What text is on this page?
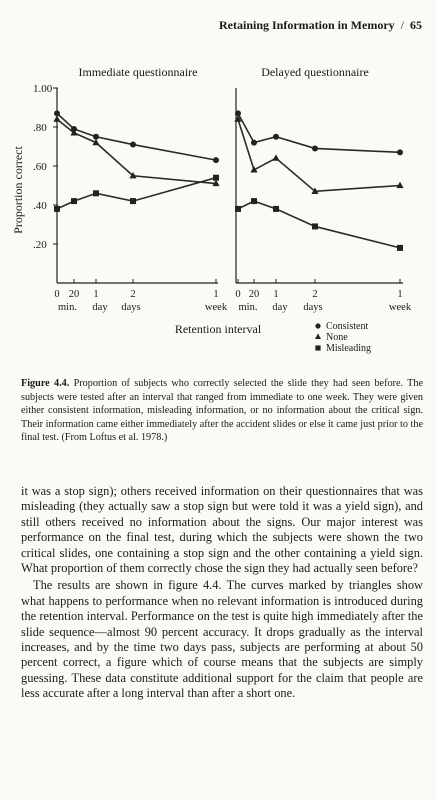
Retaining Information in Memory / 65
Proportion correct
1.00
.80
.60
.40
.20
Immediate questionnaire
0 20 1	2	1
min. day days	week
Delayed questionnaire
0 20 1	2	1
min. day days	week
Retention interval	Consistent
None
Misleading
Figure 4.4. Proportion of subjects who correctly selected the slide they had seen before. The subjects were tested after an interval that ranged from immediate to one week. They were given either consistent information, misleading information, or no information about the critical sign. Their information came either immediately after the accident slides or else it came just prior to the final test. (From Loftus et al. 1978.)

it was a stop sign); others received information on their questionnaires that was misleading (they actually saw a stop sign but were told it was a yield sign), and still others received no information about the signs. Our major interest was performance on the final test, during which the subjects were shown the two critical slides, one containing a stop sign and the other containing a yield sign. What proportion of them correctly chose the sign they had actually seen before?

The results are shown in figure 4.4. The curves marked by triangles show what happens to performance when no relevant information is introduced during the retention interval. Performance on the test is quite high immediately after the slide sequence—almost 90 percent accuracy. It drops gradually as the interval increases, and by the time two days pass, subjects are performing at about 50 percent correct, a figure which of course means that the subjects are simply guessing. These data constitute additional support for the claim that people are less accurate after a long interval than after a short one.
